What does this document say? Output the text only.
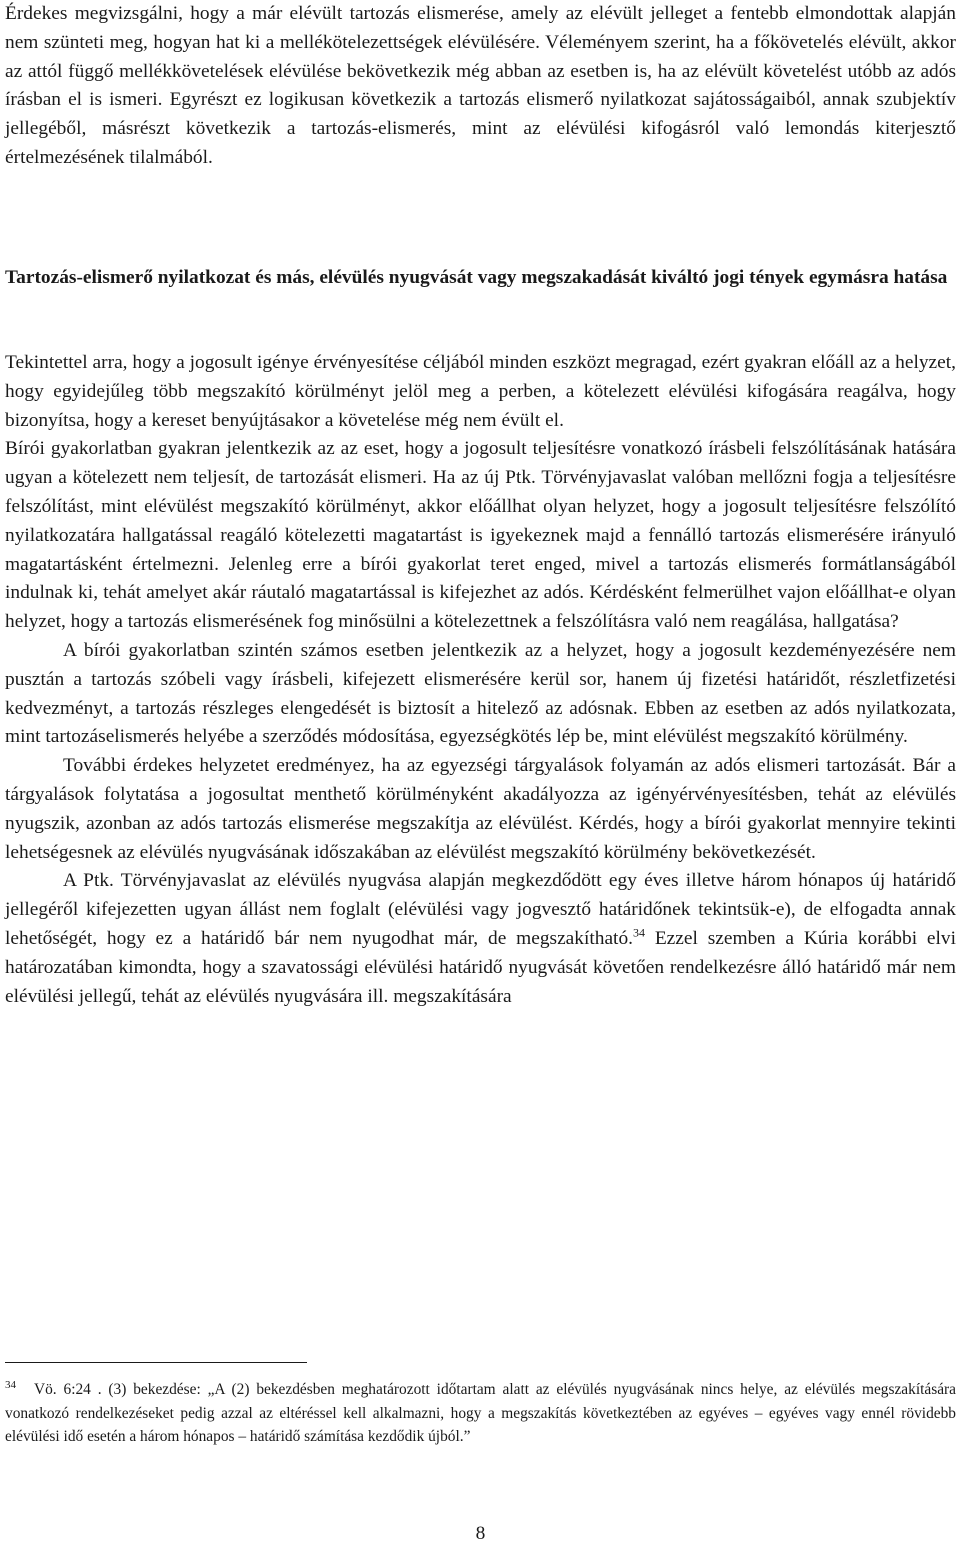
Érdekes megvizsgálni, hogy a már elévült tartozás elismerése, amely az elévült jelleget a fentebb elmondottak alapján nem szünteti meg, hogyan hat ki a mellékötelezettségek elévülésére. Véleményem szerint, ha a főkövetelés elévült, akkor az attól függő mellékkövetelések elévülése bekövetkezik még abban az esetben is, ha az elévült követelést utóbb az adós írásban el is ismeri. Egyrészt ez logikusan következik a tartozás elismerő nyilatkozat sajátosságaiból, annak szubjektív jellegéből, másrészt következik a tartozás-elismerés, mint az elévülési kifogásról való lemondás kiterjesztő értelmezésének tilalmából.

Tartozás-elismerő nyilatkozat és más, elévülés nyugvását vagy megszakadását kiváltó jogi tények egymásra hatása

Tekintettel arra, hogy a jogosult igénye érvényesítése céljából minden eszközt megragad, ezért gyakran előáll az a helyzet, hogy egyidejűleg több megszakító körülményt jelöl meg a perben, a kötelezett elévülési kifogására reagálva, hogy bizonyítsa, hogy a kereset benyújtásakor a követelése még nem évült el.

Bírói gyakorlatban gyakran jelentkezik az az eset, hogy a jogosult teljesítésre vonatkozó írásbeli felszólításának hatására ugyan a kötelezett nem teljesít, de tartozását elismeri. Ha az új Ptk. Törvényjavaslat valóban mellőzni fogja a teljesítésre felszólítást, mint elévülést megszakító körülményt, akkor előállhat olyan helyzet, hogy a jogosult teljesítésre felszólító nyilatkozatára hallgatással reagáló kötelezetti magatartást is igyekeznek majd a fennálló tartozás elismerésére irányuló magatartásként értelmezni. Jelenleg erre a bírói gyakorlat teret enged, mivel a tartozás elismerés formátlanságából indulnak ki, tehát amelyet akár ráutaló magatartással is kifejezhet az adós. Kérdésként felmerülhet vajon előállhat-e olyan helyzet, hogy a tartozás elismerésének fog minősülni a kötelezettnek a felszólításra való nem reagálása, hallgatása?

A bírói gyakorlatban szintén számos esetben jelentkezik az a helyzet, hogy a jogosult kezdeményezésére nem pusztán a tartozás szóbeli vagy írásbeli, kifejezett elismerésére kerül sor, hanem új fizetési határidőt, részletfizetési kedvezményt, a tartozás részleges elengedését is biztosít a hitelező az adósnak. Ebben az esetben az adós nyilatkozata, mint tartozáselismerés helyébe a szerződés módosítása, egyezségkötés lép be, mint elévülést megszakító körülmény.

További érdekes helyzetet eredményez, ha az egyezségi tárgyalások folyamán az adós elismeri tartozását. Bár a tárgyalások folytatása a jogosultat menthető körülményként akadályozza az igényérvényesítésben, tehát az elévülés nyugszik, azonban az adós tartozás elismerése megszakítja az elévülést. Kérdés, hogy a bírói gyakorlat mennyire tekinti lehetségesnek az elévülés nyugvásának időszakában az elévülést megszakító körülmény bekövetkezését.

A Ptk. Törvényjavaslat az elévülés nyugvása alapján megkezdődött egy éves illetve három hónapos új határidő jellegéről kifejezetten ugyan állást nem foglalt (elévülési vagy jogvesztő határidőnek tekintsük-e), de elfogadta annak lehetőségét, hogy ez a határidő bár nem nyugodhat már, de megszakítható.$^{34}$ Ezzel szemben a Kúria korábbi elvi határozatában kimondta, hogy a szavatossági elévülési határidő nyugvását követően rendelkezésre álló határidő már nem elévülési jellegű, tehát az elévülés nyugvására ill. megszakítására

$^{34}$ Vö. 6:24 . (3) bekezdése: „A (2) bekezdésben meghatározott időtartam alatt az elévülés nyugvásának nincs helye, az elévülés megszakítására vonatkozó rendelkezéseket pedig azzal az eltéréssel kell alkalmazni, hogy a megszakítás következtében az egyéves – egyéves vagy ennél rövidebb elévülési idő esetén a három hónapos – határidő számítása kezdődik újból.”

8
